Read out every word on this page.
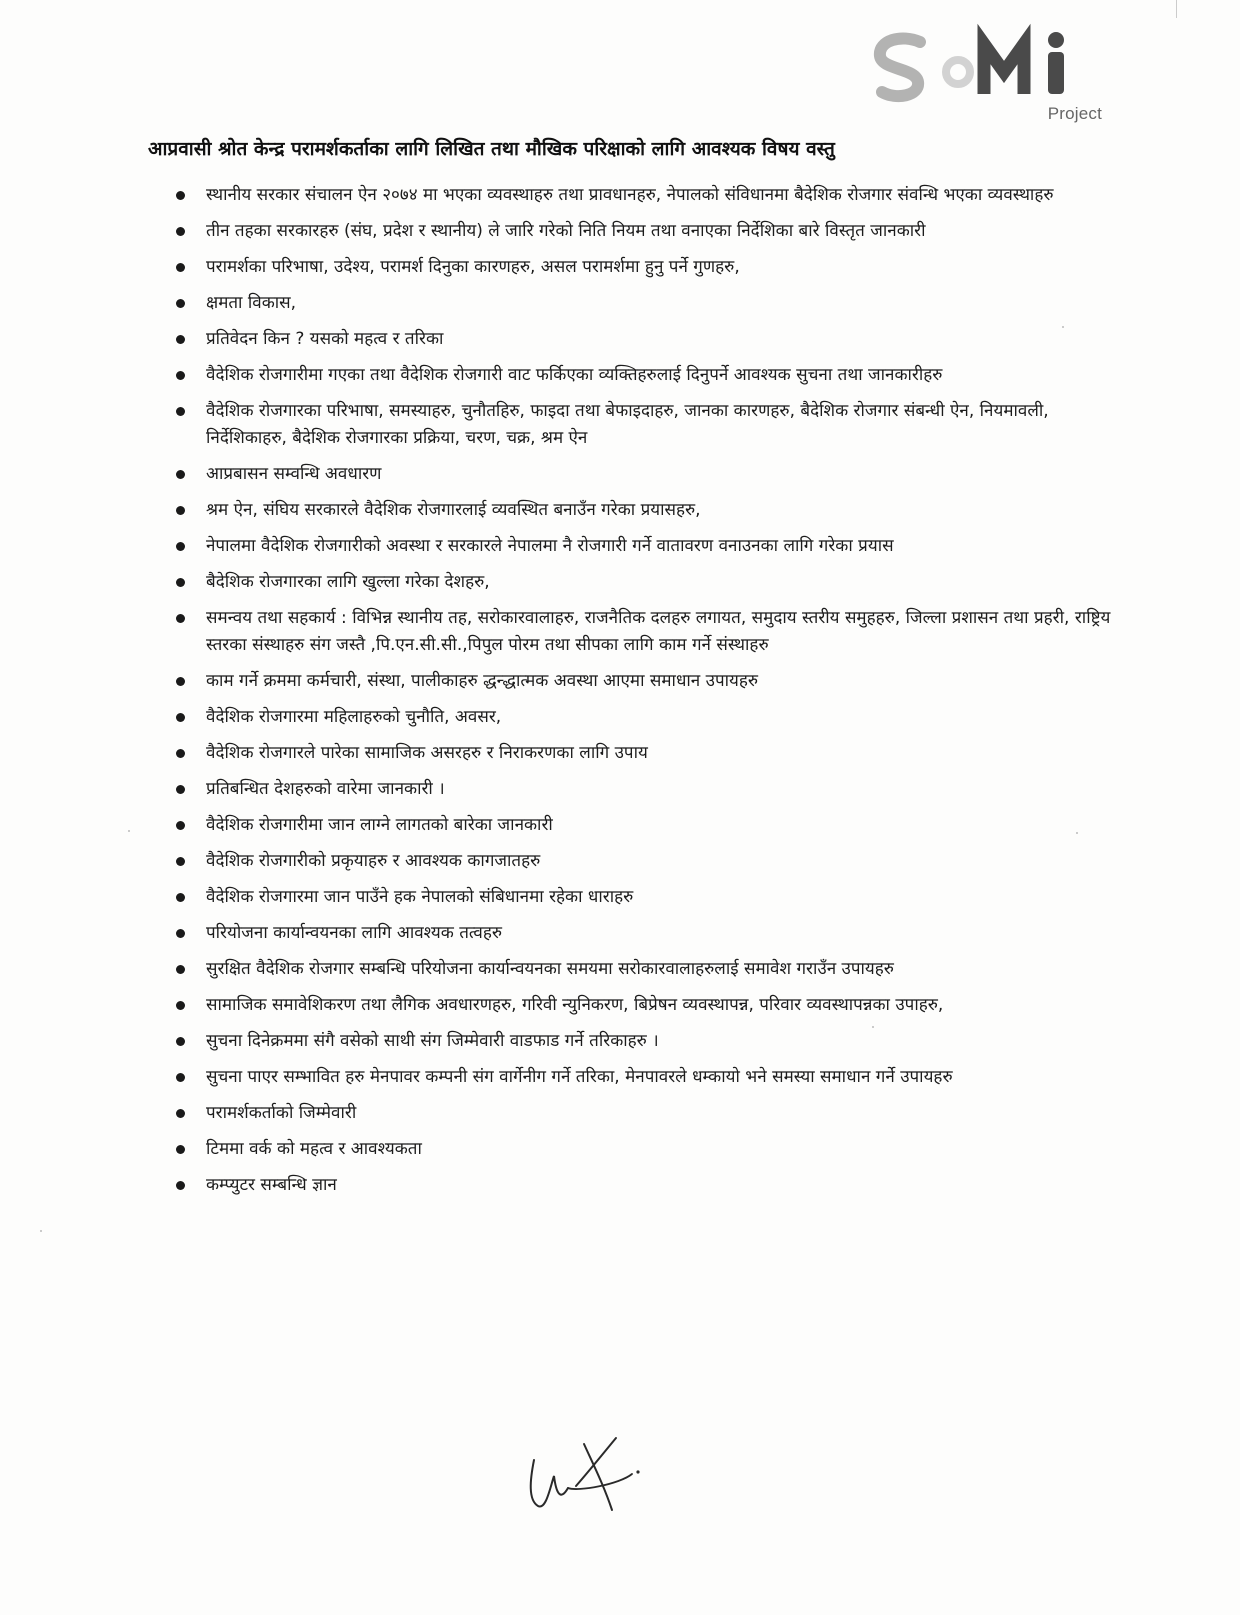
Project
आप्रवासी श्रोत केन्द्र परामर्शकर्ताका लागि लिखित तथा मौखिक परिक्षाको लागि आवश्यक विषय वस्तु
स्थानीय सरकार संचालन ऐन २०७४ मा भएका व्यवस्थाहरु तथा प्रावधानहरु, नेपालको संविधानमा बैदेशिक रोजगार संवन्धि भएका व्यवस्थाहरु
तीन तहका सरकारहरु (संघ, प्रदेश र स्थानीय) ले जारि गरेको निति नियम तथा वनाएका निर्देशिका बारे विस्तृत जानकारी
परामर्शका परिभाषा, उदेश्य, परामर्श दिनुका कारणहरु, असल परामर्शमा हुनु पर्ने गुणहरु,
क्षमता विकास,
प्रतिवेदन किन ? यसको महत्व र तरिका
वैदेशिक रोजगारीमा गएका तथा वैदेशिक रोजगारी वाट फर्किएका व्यक्तिहरुलाई दिनुपर्ने आवश्यक सुचना तथा जानकारीहरु
वैदेशिक रोजगारका परिभाषा, समस्याहरु, चुनौतहिरु, फाइदा तथा बेफाइदाहरु, जानका कारणहरु, बैदेशिक रोजगार संबन्धी ऐन, नियमावली, निर्देशिकाहरु, बैदेशिक रोजगारका प्रक्रिया, चरण, चक्र, श्रम ऐन
आप्रबासन सम्वन्धि अवधारण
श्रम ऐन, संघिय सरकारले वैदेशिक रोजगारलाई व्यवस्थित बनाउँन गरेका प्रयासहरु,
नेपालमा वैदेशिक रोजगारीको अवस्था र सरकारले नेपालमा नै रोजगारी गर्ने वातावरण वनाउनका लागि गरेका प्रयास
बैदेशिक रोजगारका लागि खुल्ला गरेका देशहरु,
समन्वय तथा सहकार्य : विभिन्न स्थानीय तह, सरोकारवालाहरु, राजनैतिक दलहरु लगायत, समुदाय स्तरीय समुहहरु, जिल्ला प्रशासन तथा प्रहरी, राष्ट्रिय स्तरका संस्थाहरु संग जस्तै ,पि.एन.सी.सी.,पिपुल पोरम तथा सीपका लागि काम गर्ने संस्थाहरु
काम गर्ने क्रममा कर्मचारी, संस्था, पालीकाहरु द्धन्द्धात्मक अवस्था आएमा समाधान उपायहरु
वैदेशिक रोजगारमा महिलाहरुको चुनौति, अवसर,
वैदेशिक रोजगारले पारेका सामाजिक असरहरु र निराकरणका लागि उपाय
प्रतिबन्धित देशहरुको वारेमा जानकारी ।
वैदेशिक रोजगारीमा जान लाग्ने लागतको बारेका जानकारी
वैदेशिक रोजगारीको प्रकृयाहरु र आवश्यक कागजातहरु
वैदेशिक रोजगारमा जान पाउँने हक नेपालको संबिधानमा रहेका धाराहरु
परियोजना कार्यान्वयनका लागि आवश्यक तत्वहरु
सुरक्षित वैदेशिक रोजगार सम्बन्धि परियोजना कार्यान्वयनका समयमा सरोकारवालाहरुलाई समावेश गराउँन उपायहरु
सामाजिक समावेशिकरण तथा लैगिक अवधारणहरु, गरिवी न्युनिकरण, बिप्रेषन व्यवस्थापन्न, परिवार व्यवस्थापन्नका उपाहरु,
सुचना दिनेक्रममा संगै वसेको साथी संग जिम्मेवारी वाडफाड गर्ने तरिकाहरु ।
सुचना पाएर सम्भावित हरु मेनपावर कम्पनी संग वार्गेनीग गर्ने तरिका, मेनपावरले धम्कायो भने समस्या समाधान गर्ने उपायहरु
परामर्शकर्ताको जिम्मेवारी
टिममा वर्क को महत्व र आवश्यकता
कम्प्युटर सम्बन्धि ज्ञान
